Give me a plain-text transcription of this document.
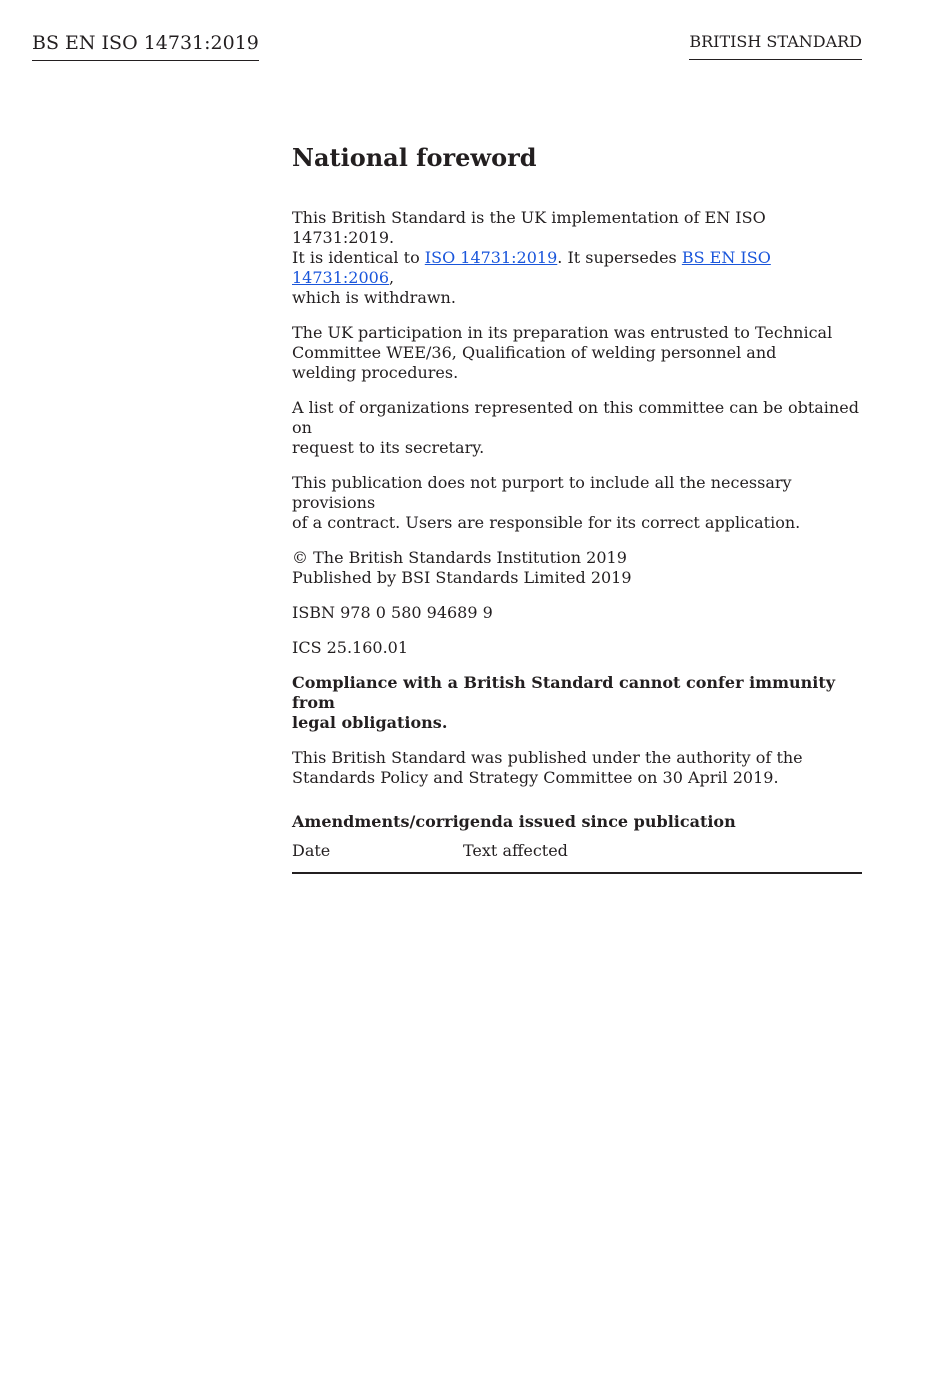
BS EN ISO 14731:2019	BRITISH STANDARD
National foreword

This British Standard is the UK implementation of EN ISO 14731:2019.
It is identical to ISO 14731:2019. It supersedes BS EN ISO 14731:2006,
which is withdrawn.

The UK participation in its preparation was entrusted to Technical
Committee WEE/36, Qualification of welding personnel and
welding procedures.

A list of organizations represented on this committee can be obtained on
request to its secretary.

This publication does not purport to include all the necessary provisions
of a contract. Users are responsible for its correct application.

© The British Standards Institution 2019
Published by BSI Standards Limited 2019

ISBN 978 0 580 94689 9

ICS 25.160.01

Compliance with a British Standard cannot confer immunity from
legal obligations.

This British Standard was published under the authority of the
Standards Policy and Strategy Committee on 30 April 2019.

Amendments/corrigenda issued since publication
Date	Text affected
